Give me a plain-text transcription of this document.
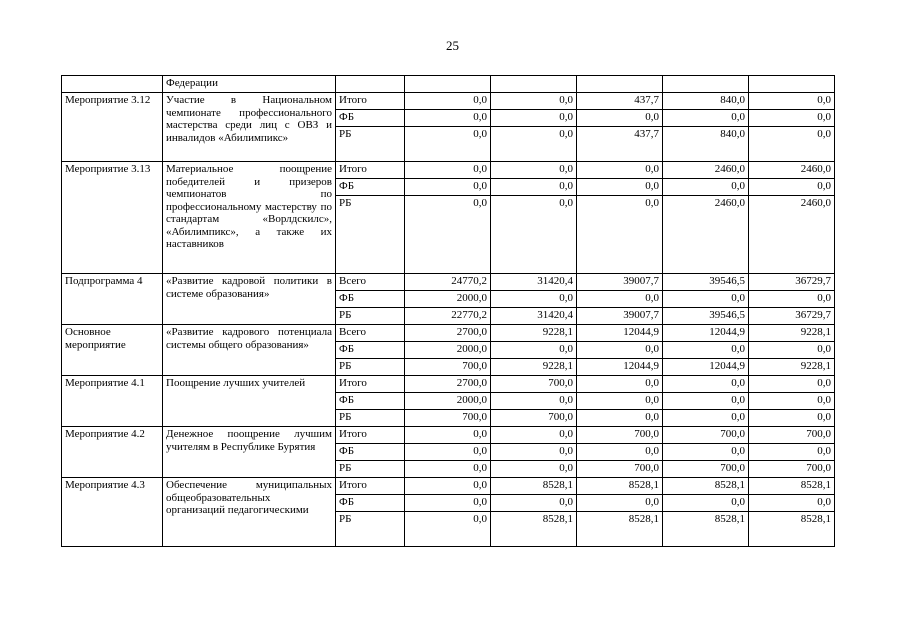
25
	Федерации						
Мероприятие 3.12	Участие в Национальном чемпионате профессионального мастерства среди лиц с ОВЗ и инвалидов «Абилимпикс»	Итого	0,0	0,0	437,7	840,0	0,0
		ФБ	0,0	0,0	0,0	0,0	0,0
		РБ	0,0	0,0	437,7	840,0	0,0
Мероприятие 3.13	Материальное поощрение победителей и призеров чемпионатов по профессиональному мастерству по стандартам «Ворлдскилс», «Абилимпикс», а также их наставников	Итого	0,0	0,0	0,0	2460,0	2460,0
		ФБ	0,0	0,0	0,0	0,0	0,0
		РБ	0,0	0,0	0,0	2460,0	2460,0
Подпрограмма 4	«Развитие кадровой политики в системе образования»	Всего	24770,2	31420,4	39007,7	39546,5	36729,7
		ФБ	2000,0	0,0	0,0	0,0	0,0
		РБ	22770,2	31420,4	39007,7	39546,5	36729,7
Основное мероприятие	«Развитие кадрового потенциала системы общего образования»	Всего	2700,0	9228,1	12044,9	12044,9	9228,1
		ФБ	2000,0	0,0	0,0	0,0	0,0
		РБ	700,0	9228,1	12044,9	12044,9	9228,1
Мероприятие 4.1	Поощрение лучших учителей	Итого	2700,0	700,0	0,0	0,0	0,0
		ФБ	2000,0	0,0	0,0	0,0	0,0
		РБ	700,0	700,0	0,0	0,0	0,0
Мероприятие 4.2	Денежное поощрение лучшим учителям в Республике Бурятия	Итого	0,0	0,0	700,0	700,0	700,0
		ФБ	0,0	0,0	0,0	0,0	0,0
		РБ	0,0	0,0	700,0	700,0	700,0
Мероприятие 4.3	Обеспечение муниципальных общеобразовательных организаций педагогическими	Итого	0,0	8528,1	8528,1	8528,1	8528,1
		ФБ	0,0	0,0	0,0	0,0	0,0
		РБ	0,0	8528,1	8528,1	8528,1	8528,1
